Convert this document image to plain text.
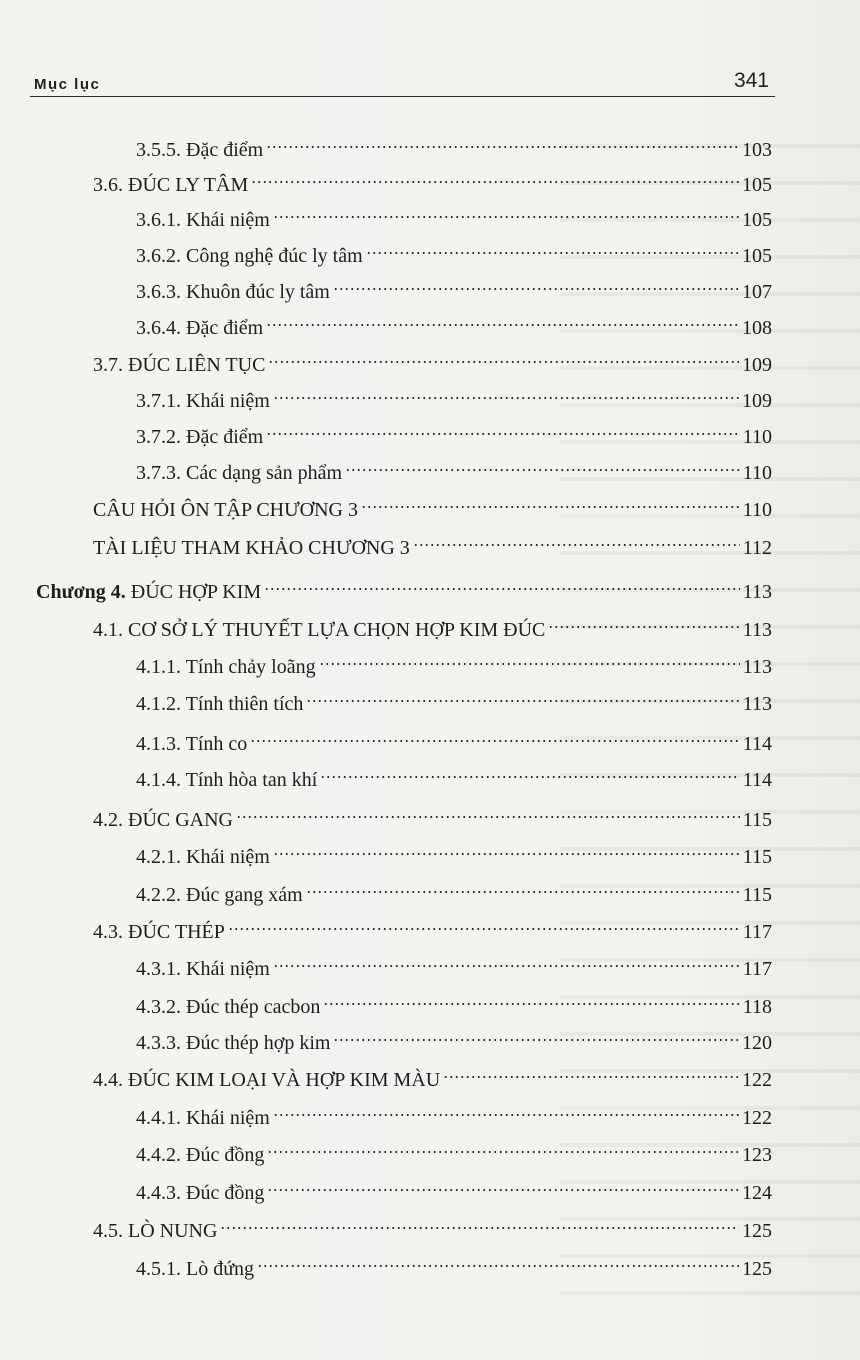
Mục lục	341
3.5.5. Đặc điểm	103
3.6. ĐÚC LY TÂM	105
3.6.1. Khái niệm	105
3.6.2. Công nghệ đúc ly tâm	105
3.6.3. Khuôn đúc ly tâm	107
3.6.4. Đặc điểm	108
3.7. ĐÚC LIÊN TỤC	109
3.7.1. Khái niệm	109
3.7.2. Đặc điểm	110
3.7.3. Các dạng sản phẩm	110
CÂU HỎI ÔN TẬP CHƯƠNG 3	110
TÀI LIỆU THAM KHẢO CHƯƠNG 3	112
Chương 4. ĐÚC HỢP KIM	113
4.1. CƠ SỞ LÝ THUYẾT LỰA CHỌN HỢP KIM ĐÚC	113
4.1.1. Tính chảy loãng	113
4.1.2. Tính thiên tích	113
4.1.3. Tính co	114
4.1.4. Tính hòa tan khí	114
4.2. ĐÚC GANG	115
4.2.1. Khái niệm	115
4.2.2. Đúc gang xám	115
4.3. ĐÚC THÉP	117
4.3.1. Khái niệm	117
4.3.2. Đúc thép cacbon	118
4.3.3. Đúc thép hợp kim	120
4.4. ĐÚC KIM LOẠI VÀ HỢP KIM MÀU	122
4.4.1. Khái niệm	122
4.4.2. Đúc đồng	123
4.4.3. Đúc đồng	124
4.5. LÒ NUNG	125
4.5.1. Lò đứng	125
